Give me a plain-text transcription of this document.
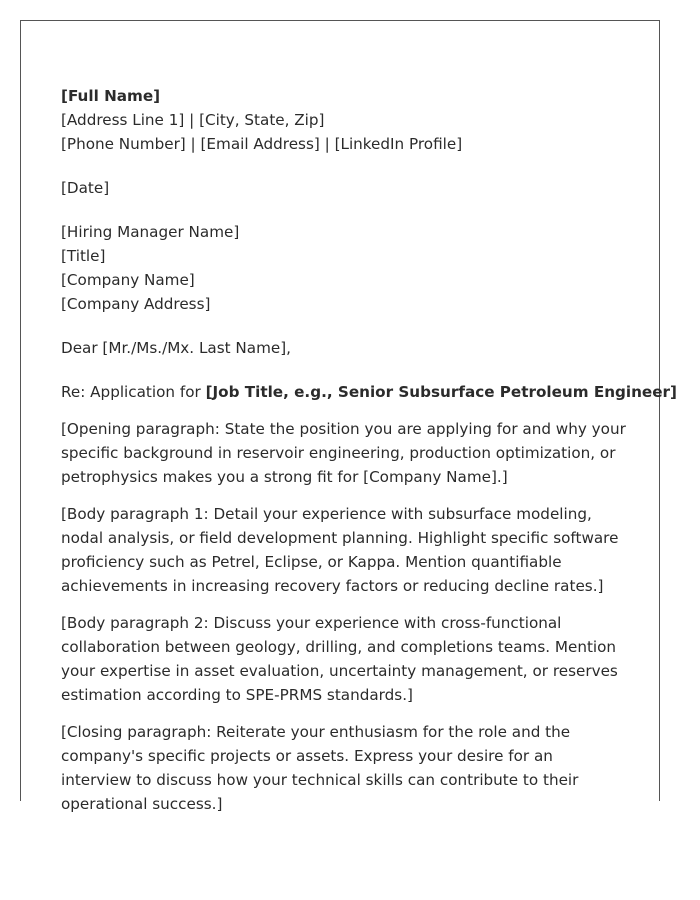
[Full Name]
[Address Line 1] | [City, State, Zip]
[Phone Number] | [Email Address] | [LinkedIn Profile]
[Date]
[Hiring Manager Name]
[Title]
[Company Name]
[Company Address]
Dear [Mr./Ms./Mx. Last Name],
Re: Application for [Job Title, e.g., Senior Subsurface Petroleum Engineer]

[Opening paragraph: State the position you are applying for and why your specific background in reservoir engineering, production optimization, or petrophysics makes you a strong fit for [Company Name].]

[Body paragraph 1: Detail your experience with subsurface modeling, nodal analysis, or field development planning. Highlight specific software proficiency such as Petrel, Eclipse, or Kappa. Mention quantifiable achievements in increasing recovery factors or reducing decline rates.]

[Body paragraph 2: Discuss your experience with cross-functional collaboration between geology, drilling, and completions teams. Mention your expertise in asset evaluation, uncertainty management, or reserves estimation according to SPE-PRMS standards.]

[Closing paragraph: Reiterate your enthusiasm for the role and the company's specific projects or assets. Express your desire for an interview to discuss how your technical skills can contribute to their operational success.]
